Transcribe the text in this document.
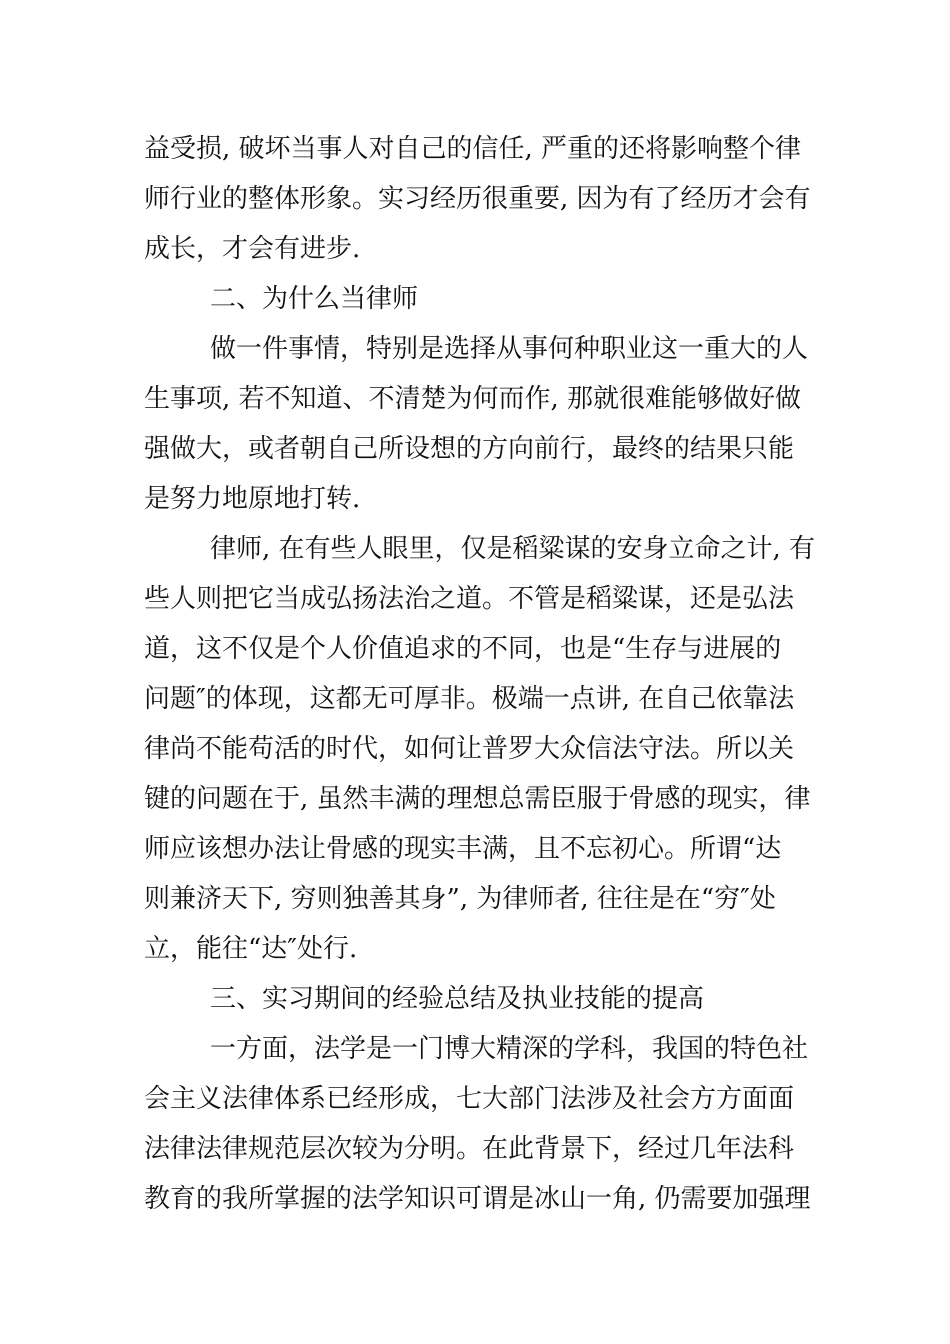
益受损, 破坏当事人对自己的信任, 严重的还将影响整个律

师行业的整体形象。实习经历很重要, 因为有了经历才会有

成长，才会有进步.

二、为什么当律师

做一件事情，特别是选择从事何种职业这一重大的人

生事项, 若不知道、不清楚为何而作, 那就很难能够做好做

强做大，或者朝自己所设想的方向前行，最终的结果只能

是努力地原地打转.

律师, 在有些人眼里，仅是稻粱谋的安身立命之计, 有

些人则把它当成弘扬法治之道。不管是稻粱谋，还是弘法

道，这不仅是个人价值追求的不同，也是“生存与进展的

问题″的体现，这都无可厚非。极端一点讲, 在自己依靠法

律尚不能苟活的时代，如何让普罗大众信法守法。所以关

键的问题在于, 虽然丰满的理想总需臣服于骨感的现实，律

师应该想办法让骨感的现实丰满，且不忘初心。所谓“达

则兼济天下, 穷则独善其身”, 为律师者, 往往是在“穷″处

立，能往“达″处行.

三、实习期间的经验总结及执业技能的提高

一方面，法学是一门博大精深的学科，我国的特色社

会主义法律体系已经形成，七大部门法涉及社会方方面面

法律法律规范层次较为分明。在此背景下，经过几年法科

教育的我所掌握的法学知识可谓是冰山一角, 仍需要加强理
